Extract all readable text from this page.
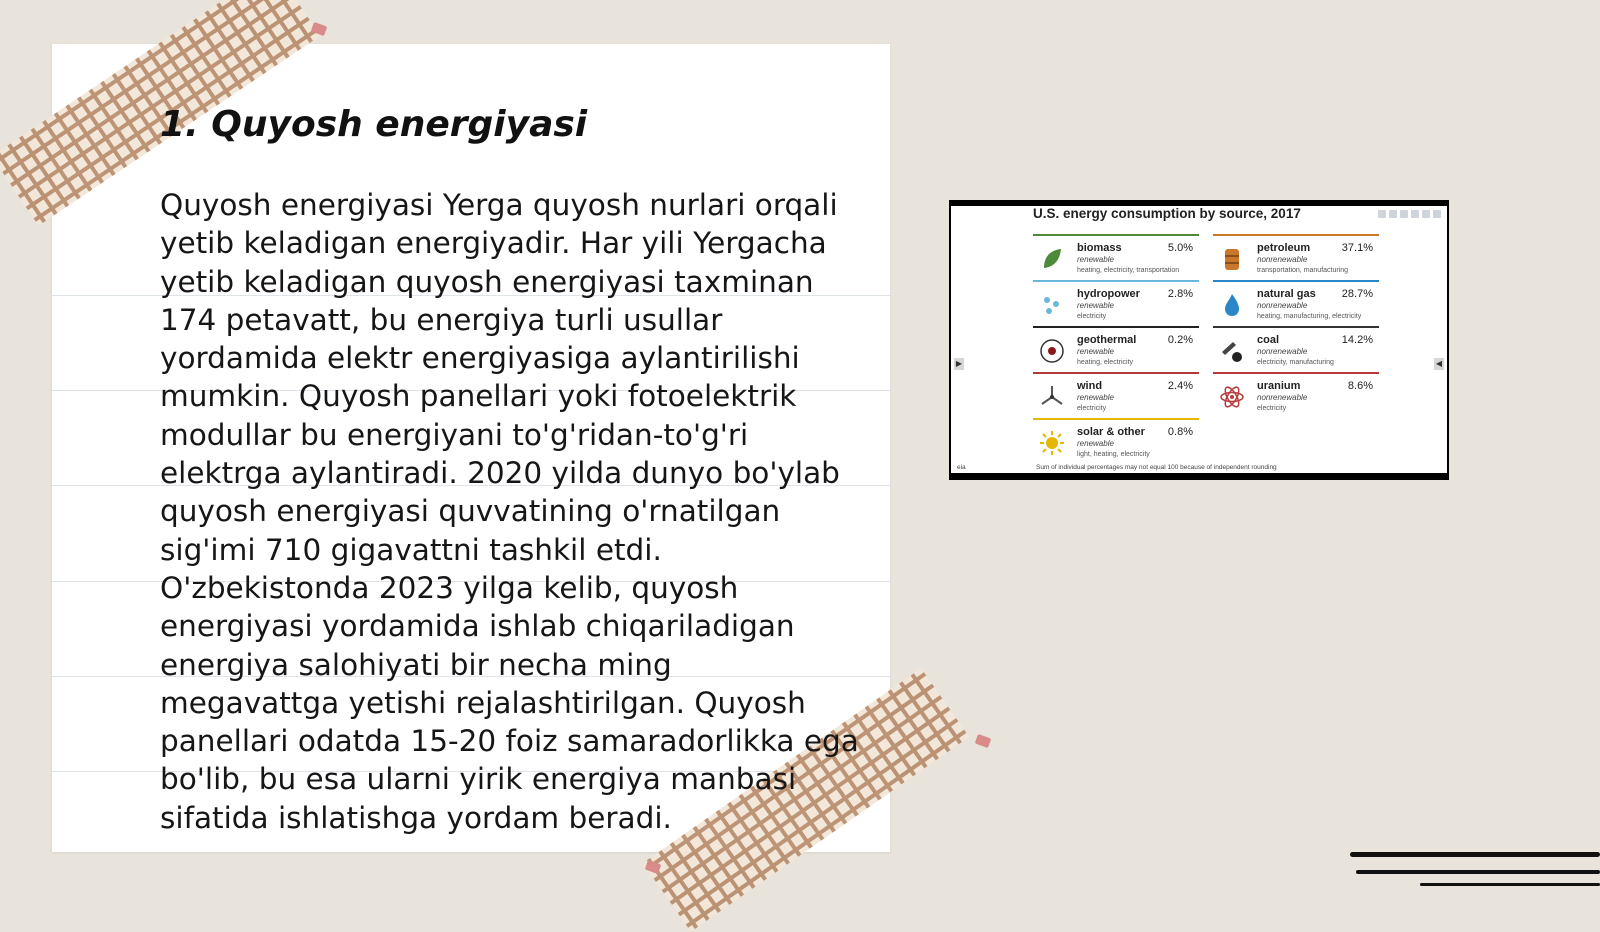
1. Quyosh energiyasi

Quyosh energiyasi Yerga quyosh nurlari orqali yetib keladigan energiyadir. Har yili Yergacha yetib keladigan quyosh energiyasi taxminan 174 petavatt, bu energiya turli usullar yordamida elektr energiyasiga aylantirilishi mumkin. Quyosh panellari yoki fotoelektrik modullar bu energiyani to'g'ridan-to'g'ri elektrga aylantiradi. 2020 yilda dunyo bo'ylab quyosh energiyasi quvvatining o'rnatilgan sig'imi 710 gigavattni tashkil etdi. O'zbekistonda 2023 yilga kelib, quyosh energiyasi yordamida ishlab chiqariladigan energiya salohiyati bir necha ming megavattga yetishi rejalashtirilgan. Quyosh panellari odatda 15-20 foiz samaradorlikka ega bo'lib, bu esa ularni yirik energiya manbasi sifatida ishlatishga yordam beradi.

U.S. energy consumption by source, 2017
▶	◀
biomass	5.0%
renewable
heating, electricity, transportation
petroleum	37.1%
nonrenewable
transportation, manufacturing
hydropower	2.8%
renewable
electricity
natural gas 28.7%
nonrenewable
heating, manufacturing, electricity
geothermal	0.2%
renewable
heating, electricity
coal	14.2%
nonrenewable
electricity, manufacturing
wind	2.4%
renewable
electricity
uranium	8.6%
nonrenewable
electricity
solar & other 0.8%
renewable
light, heating, electricity
eia	Sum of individual percentages may not equal 100 because of independent rounding
